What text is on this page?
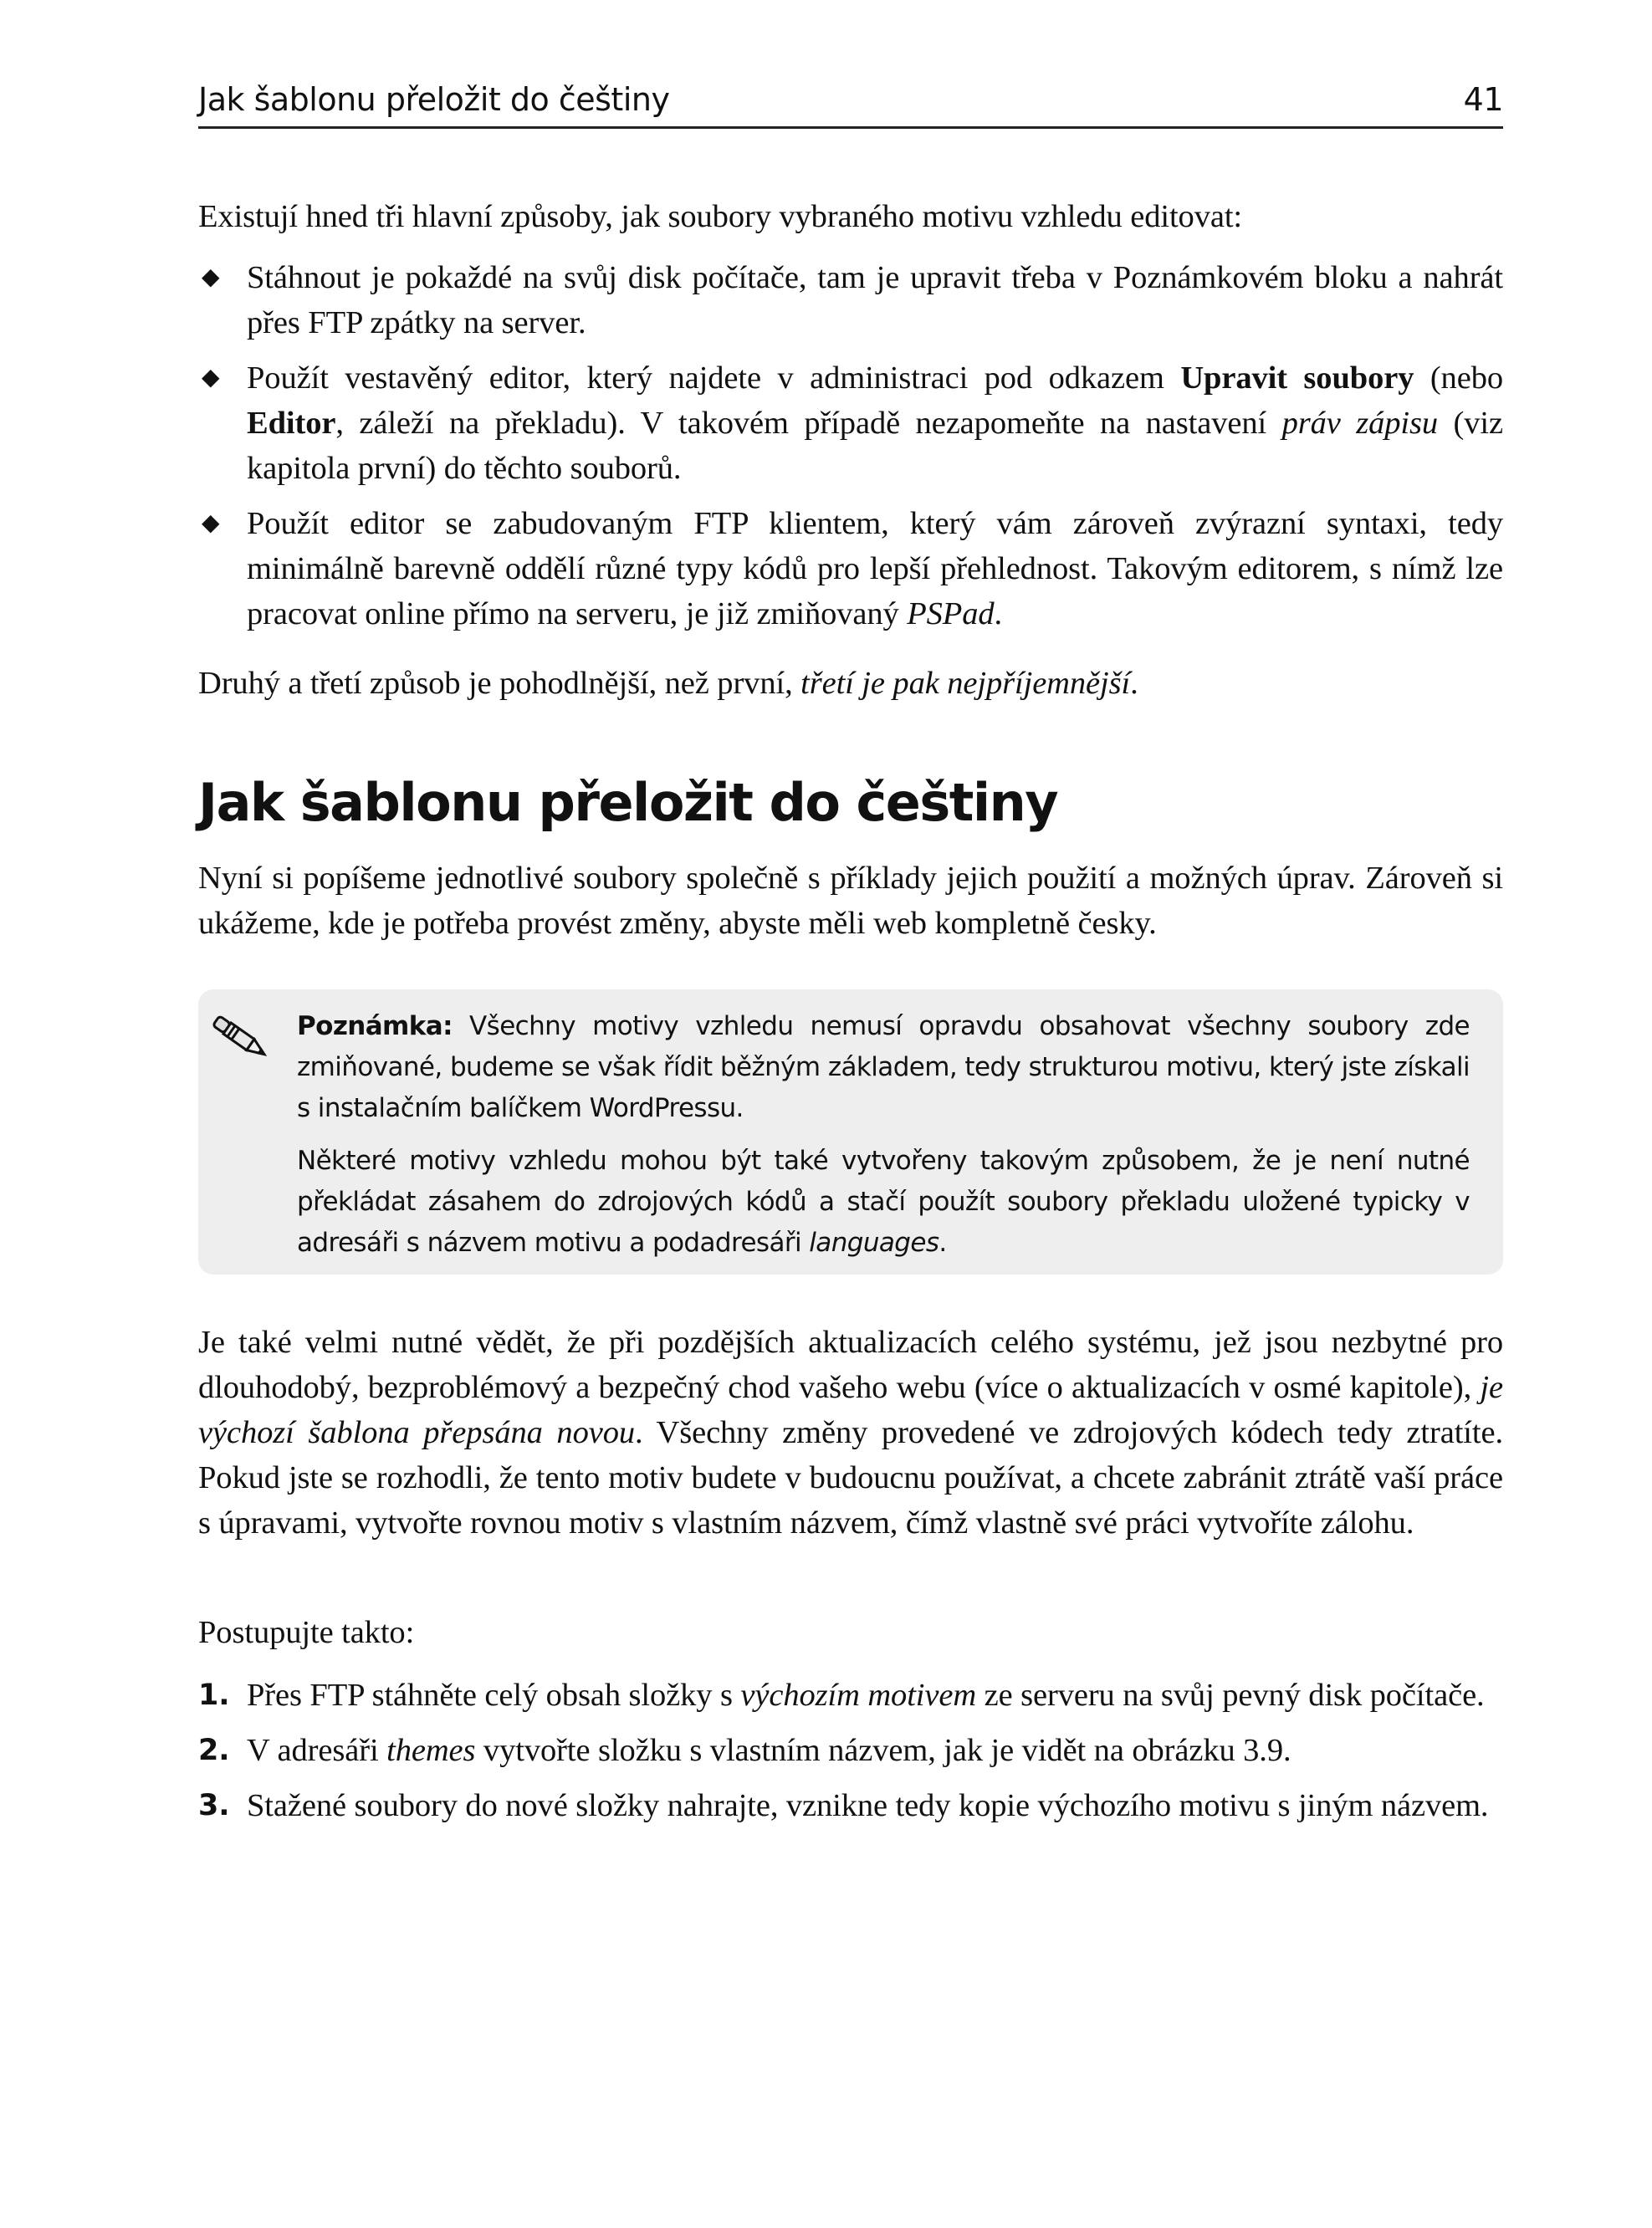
Jak šablonu přeložit do češtiny	41

Existují hned tři hlavní způsoby, jak soubory vybraného motivu vzhledu editovat:

◆ Stáhnout je pokaždé na svůj disk počítače, tam je upravit třeba v Poznámkovém bloku a nahrát přes FTP zpátky na server.
◆ Použít vestavěný editor, který najdete v administraci pod odkazem Upravit soubory (nebo Editor, záleží na překladu). V takovém případě nezapomeňte na nastavení práv zápisu (viz kapitola první) do těchto souborů.
◆ Použít editor se zabudovaným FTP klientem, který vám zároveň zvýrazní syntaxi, tedy minimálně barevně oddělí různé typy kódů pro lepší přehlednost. Takovým editorem, s nímž lze pracovat online přímo na serveru, je již zmiňovaný PSPad.

Druhý a třetí způsob je pohodlnější, než první, třetí je pak nejpříjemnější.

Jak šablonu přeložit do češtiny

Nyní si popíšeme jednotlivé soubory společně s příklady jejich použití a možných úprav. Zároveň si ukážeme, kde je potřeba provést změny, abyste měli web kompletně česky.

Poznámka: Všechny motivy vzhledu nemusí opravdu obsahovat všechny soubory zde zmiňované, budeme se však řídit běžným základem, tedy strukturou motivu, který jste získali s instalačním balíčkem WordPressu.

Některé motivy vzhledu mohou být také vytvořeny takovým způsobem, že je není nutné překládat zásahem do zdrojových kódů a stačí použít soubory překladu uložené typicky v adresáři s názvem motivu a podadresáři languages.

Je také velmi nutné vědět, že při pozdějších aktualizacích celého systému, jež jsou nezbytné pro dlouhodobý, bezproblémový a bezpečný chod vašeho webu (více o aktualizacích v osmé kapitole), je výchozí šablona přepsána novou. Všechny změny provedené ve zdrojových kódech tedy ztratíte. Pokud jste se rozhodli, že tento motiv budete v budoucnu používat, a chcete zabránit ztrátě vaší práce s úpravami, vytvořte rovnou motiv s vlastním názvem, čímž vlastně své práci vytvoříte zálohu.

Postupujte takto:

1. Přes FTP stáhněte celý obsah složky s výchozím motivem ze serveru na svůj pevný disk počítače.
2. V adresáři themes vytvořte složku s vlastním názvem, jak je vidět na obrázku 3.9.
3. Stažené soubory do nové složky nahrajte, vznikne tedy kopie výchozího motivu s jiným názvem.
